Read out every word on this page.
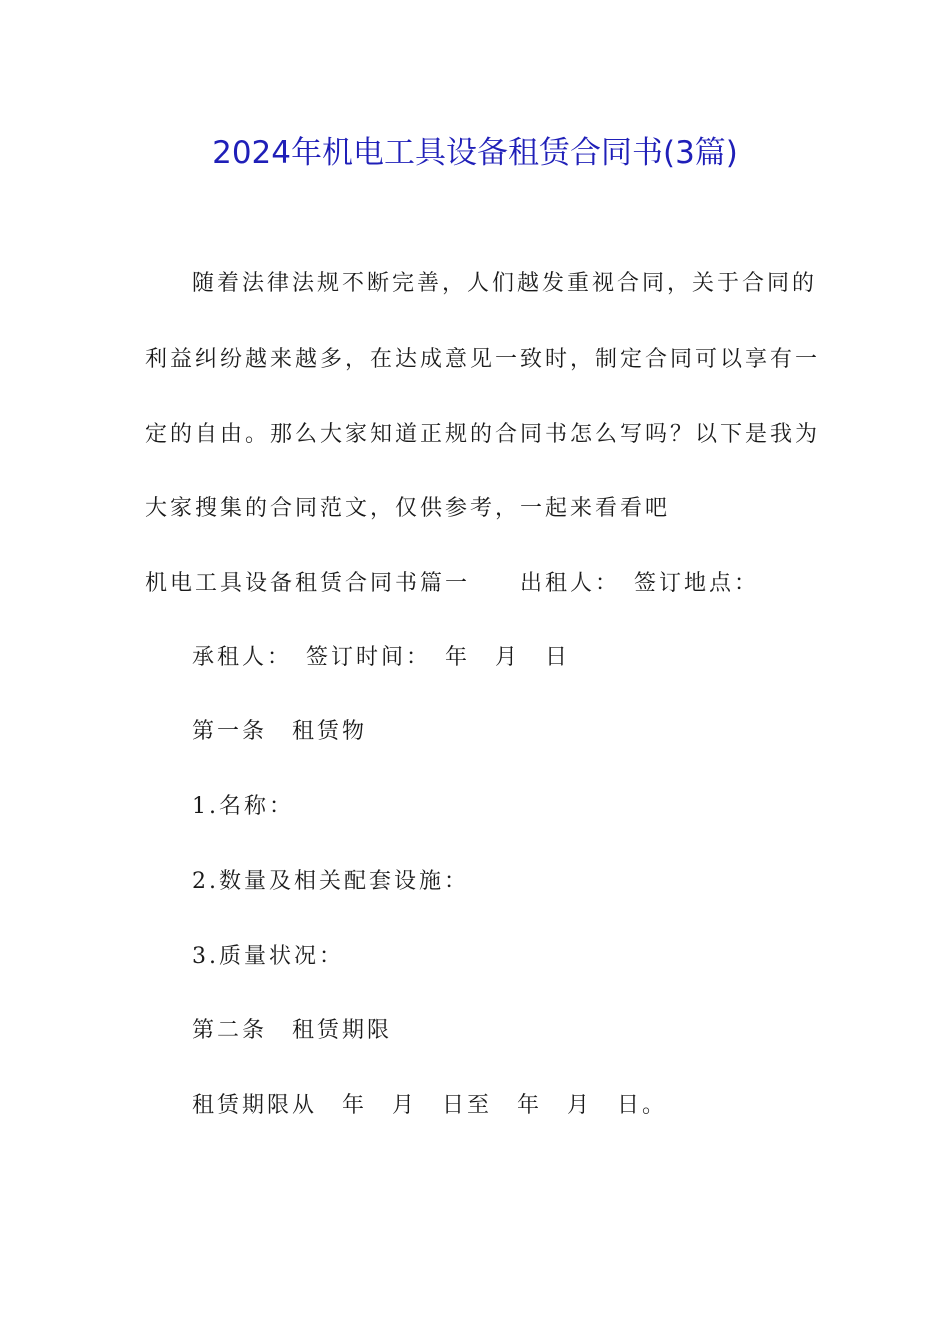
2024年机电工具设备租赁合同书(3篇)
随着法律法规不断完善，人们越发重视合同，关于合同的
利益纠纷越来越多，在达成意见一致时，制定合同可以享有一
定的自由。那么大家知道正规的合同书怎么写吗？以下是我为
大家搜集的合同范文，仅供参考，一起来看看吧
机电工具设备租赁合同书篇一　　出租人：　签订地点：
承租人：　签订时间：　年　月　日
第一条　租赁物
1.名称：
2.数量及相关配套设施：
3.质量状况：
第二条　租赁期限
租赁期限从　年　月　日至　年　月　日。
